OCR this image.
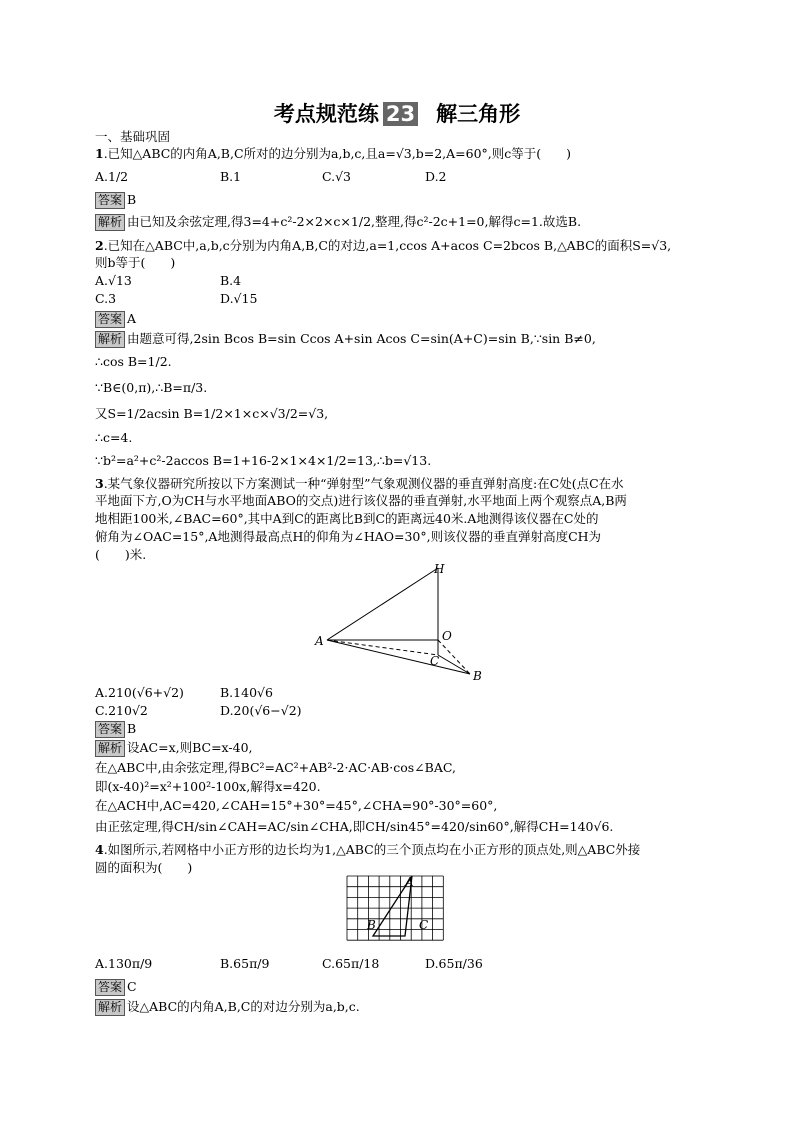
考点规范练 23 解三角形
一、基础巩固
1.已知△ABC的内角A,B,C所对的边分别为a,b,c,且a=√3,b=2,A=60°,则c等于(　　)
A.1/2	B.1	C.√3	D.2
答案 B
解析 由已知及余弦定理,得3=4+c²-2×2×c×1/2,整理,得c²-2c+1=0,解得c=1.故选B.
2.已知在△ABC中,a,b,c分别为内角A,B,C的对边,a=1,ccos A+acos C=2bcos B,△ABC的面积S=√3,
则b等于(　　)
A.√13	B.4
C.3	D.√15
答案 A
解析 由题意可得,2sin Bcos B=sin Ccos A+sin Acos C=sin(A+C)=sin B,∵sin B≠0,
∴cos B=1/2.
∵B∈(0,π),∴B=π/3.
又S=1/2acsin B=1/2×1×c×√3/2=√3,
∴c=4.
∵b²=a²+c²-2accos B=1+16-2×1×4×1/2=13,∴b=√13.
3.某气象仪器研究所按以下方案测试一种“弹射型”气象观测仪器的垂直弹射高度:在C处(点C在水
平地面下方,O为CH与水平地面ABO的交点)进行该仪器的垂直弹射,水平地面上两个观察点A,B两
地相距100米,∠BAC=60°,其中A到C的距离比B到C的距离远40米.A地测得该仪器在C处的
俯角为∠OAC=15°,A地测得最高点H的仰角为∠HAO=30°,则该仪器的垂直弹射高度CH为
(　　)米.
H
A	O
C
B
A.210(√6+√2)	B.140√6
C.210√2	D.20(√6−√2)
答案 B
解析 设AC=x,则BC=x-40,
在△ABC中,由余弦定理,得BC²=AC²+AB²-2·AC·AB·cos∠BAC,
即(x-40)²=x²+100²-100x,解得x=420.
在△ACH中,AC=420,∠CAH=15°+30°=45°,∠CHA=90°-30°=60°,
由正弦定理,得CH/sin∠CAH=AC/sin∠CHA,即CH/sin45°=420/sin60°,解得CH=140√6.
4.如图所示,若网格中小正方形的边长均为1,△ABC的三个顶点均在小正方形的顶点处,则△ABC外接
圆的面积为(　　)
A
B	C
A.130π/9	B.65π/9	C.65π/18	D.65π/36
答案 C
解析 设△ABC的内角A,B,C的对边分别为a,b,c.
